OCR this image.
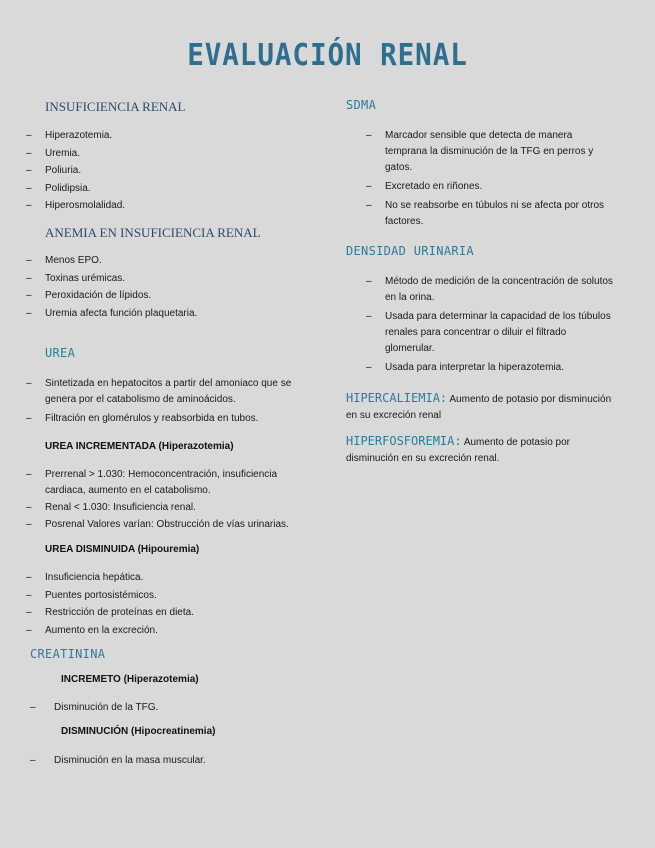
EVALUACIÓN RENAL
INSUFICIENCIA RENAL
– Hiperazotemia.
– Uremia.
– Poliuria.
– Polidipsia.
– Hiperosmolalidad.
ANEMIA EN INSUFICIENCIA RENAL
– Menos EPO.
– Toxinas urémicas.
– Peroxidación de lípidos.
– Uremia afecta función plaquetaria.
UREA
– Sintetizada en hepatocitos a partir del amoniaco que se genera por el catabolismo de aminoácidos.
– Filtración en glomérulos y reabsorbida en tubos.
UREA INCREMENTADA (Hiperazotemia)
– Prerrenal > 1.030: Hemoconcentración, insuficiencia cardiaca, aumento en el catabolismo.
– Renal < 1.030: Insuficiencia renal.
– Posrenal Valores varían: Obstrucción de vías urinarias.
UREA DISMINUIDA (Hipouremia)
– Insuficiencia hepática.
– Puentes portosistémicos.
– Restricción de proteínas en dieta.
– Aumento en la excreción.
CREATININA
INCREMETO (Hiperazotemia)
– Disminución de la TFG.
DISMINUCIÓN (Hipocreatinemia)
– Disminución en la masa muscular.
SDMA
– Marcador sensible que detecta de manera temprana la disminución de la TFG en perros y gatos.
– Excretado en riñones.
– No se reabsorbe en túbulos ni se afecta por otros factores.
DENSIDAD URINARIA
– Método de medición de la concentración de solutos en la orina.
– Usada para determinar la capacidad de los túbulos renales para concentrar o diluir el filtrado glomerular.
– Usada para interpretar la hiperazotemia.
HIPERCALIEMIA: Aumento de potasio por disminución en su excreción renal
HIPERFOSFOREMIA: Aumento de potasio por disminución en su excreción renal.
